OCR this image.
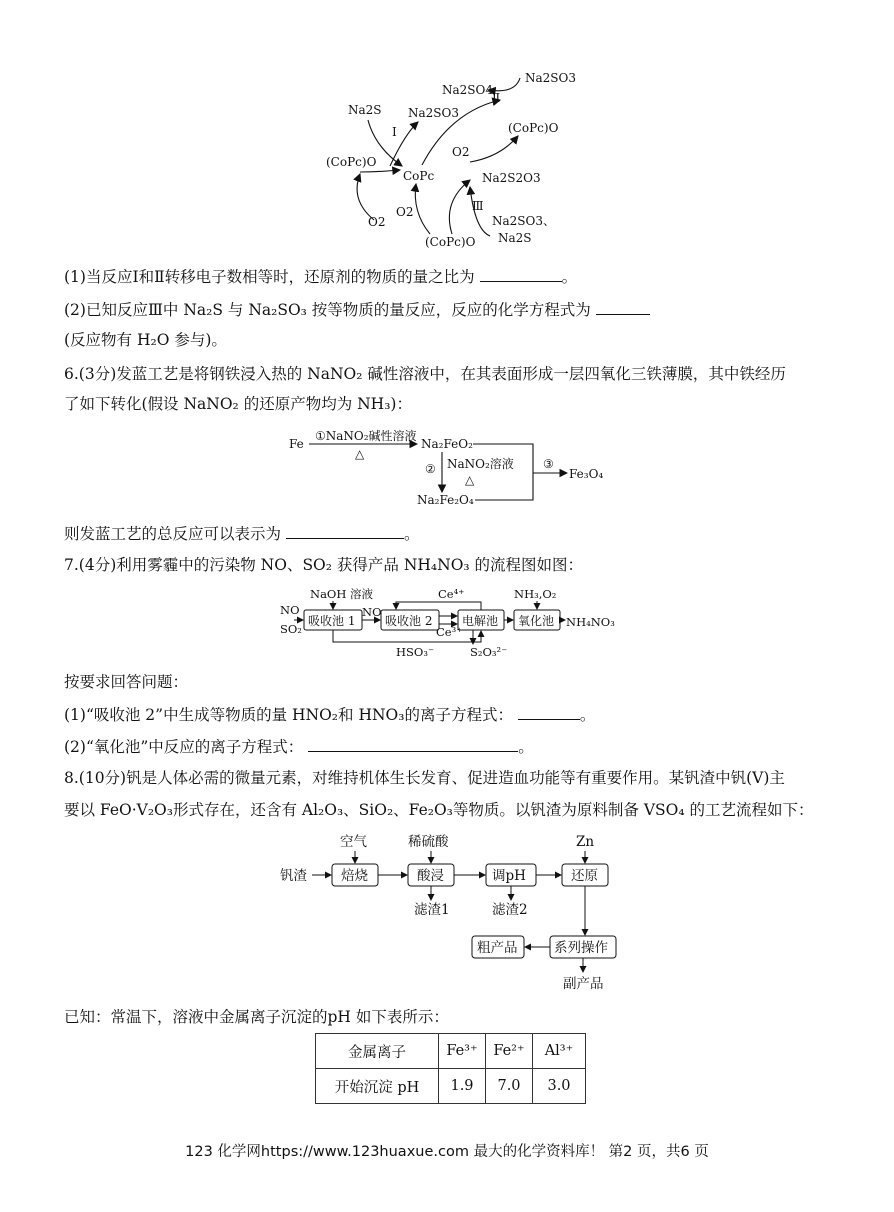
Na2SO3
Na2SO4
Ⅱ
Na2S Na2SO3
Ⅰ	(CoPc)O
O2
(CoPc)O
CoPc	Na2S2O3
Ⅲ
O2
Na2SO3、
O2
Na2S
(CoPc)O
(1)当反应Ⅰ和Ⅱ转移电子数相等时，还原剂的物质的量之比为	。
(2)已知反应Ⅲ中 Na₂S 与 Na₂SO₃ 按等物质的量反应，反应的化学方程式为
(反应物有 H₂O 参与)。
6.(3分)发蓝工艺是将钢铁浸入热的 NaNO₂ 碱性溶液中，在其表面形成一层四氧化三铁薄膜，其中铁经历
了如下转化(假设 NaNO₂ 的还原产物均为 NH₃)：
Fe
①NaNO₂碱性溶液
△
Na₂FeO₂
② NaNO₂溶液
△
Na₂Fe₂O₄
③
Fe₃O₄
则发蓝工艺的总反应可以表示为	。
7.(4分)利用雾霾中的污染物 NO、SO₂ 获得产品 NH₄NO₃ 的流程图如图：
NaOH 溶液	Ce⁴⁺	NH₃,O₂
NO
SO₂
NO
Ce³⁺
NH₄NO₃
HSO₃⁻	S₂O₃²⁻
吸收池 1 吸收池 2 电解池 氧化池
按要求回答问题：
(1)“吸收池 2”中生成等物质的量 HNO₂和 HNO₃的离子方程式：	。
(2)“氧化池”中反应的离子方程式：	。
8.(10分)钒是人体必需的微量元素，对维持机体生长发育、促进造血功能等有重要作用。某钒渣中钒(V)主
要以 FeO·V₂O₃形式存在，还含有 Al₂O₃、SiO₂、Fe₂O₃等物质。以钒渣为原料制备 VSO₄ 的工艺流程如下：
空气	稀硫酸	Zn
钒渣
滤渣1	滤渣2
副产品
焙烧	酸浸	调pH	还原
粗产品	系列操作
已知：常温下，溶液中金属离子沉淀的pH 如下表所示：
金属离子	Fe³⁺	Fe²⁺	Al³⁺
开始沉淀 pH	1.9	7.0	3.0
123 化学网https://www.123huaxue.com 最大的化学资料库！ 第2 页，共6 页
